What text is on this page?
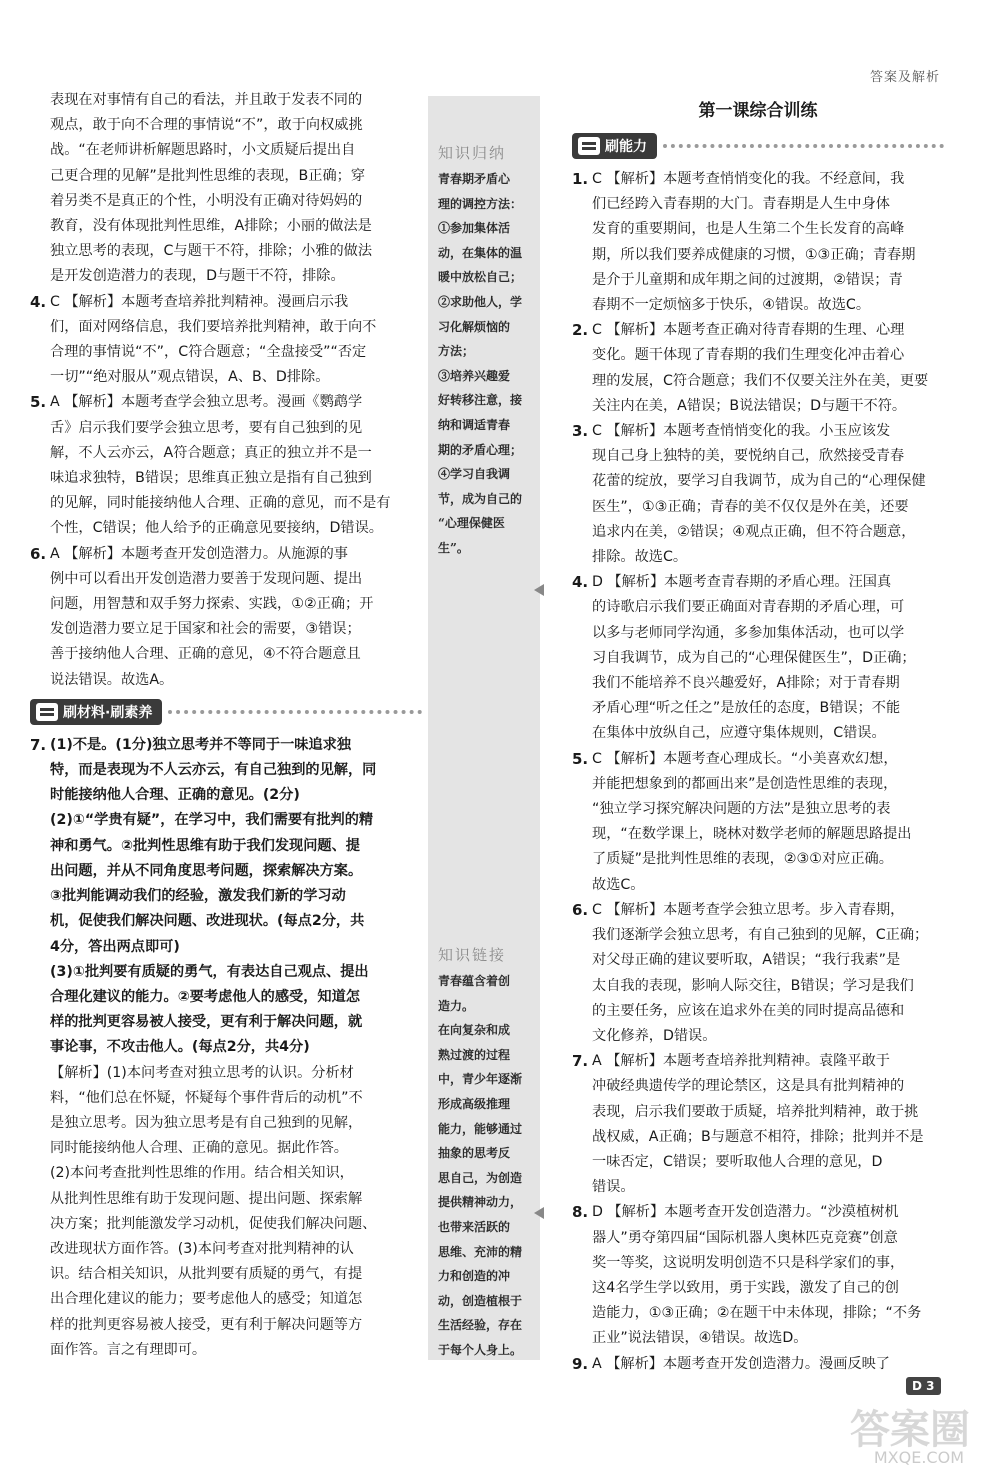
答案及解析
表现在对事情有自己的看法，并且敢于发表不同的
观点，敢于向不合理的事情说“不”，敢于向权威挑
战。“在老师讲析解题思路时，小文质疑后提出自
己更合理的见解”是批判性思维的表现，B正确；穿
着另类不是真正的个性，小明没有正确对待妈妈的
教育，没有体现批判性思维，A排除；小丽的做法是
独立思考的表现，C与题干不符，排除；小雅的做法
是开发创造潜力的表现，D与题干不符，排除。
4. C 【解析】本题考查培养批判精神。漫画启示我
们，面对网络信息，我们要培养批判精神，敢于向不
合理的事情说“不”，C符合题意；“全盘接受”“否定
一切”“绝对服从”观点错误，A、B、D排除。
5. A 【解析】本题考查学会独立思考。漫画《鹦鹉学
舌》启示我们要学会独立思考，要有自己独到的见
解，不人云亦云，A符合题意；真正的独立并不是一
味追求独特，B错误；思维真正独立是指有自己独到
的见解，同时能接纳他人合理、正确的意见，而不是有
个性，C错误；他人给予的正确意见要接纳，D错误。
6. A 【解析】本题考查开发创造潜力。从施源的事
例中可以看出开发创造潜力要善于发现问题、提出
问题，用智慧和双手努力探索、实践，①②正确；开
发创造潜力要立足于国家和社会的需要，③错误；
善于接纳他人合理、正确的意见，④不符合题意且
说法错误。故选A。
刷材料·刷素养
7. (1)不是。(1分)独立思考并不等同于一味追求独
特，而是表现为不人云亦云，有自己独到的见解，同
时能接纳他人合理、正确的意见。(2分)
(2)①“学贵有疑”，在学习中，我们需要有批判的精
神和勇气。②批判性思维有助于我们发现问题、提
出问题，并从不同角度思考问题，探索解决方案。
③批判能调动我们的经验，激发我们新的学习动
机，促使我们解决问题、改进现状。(每点2分，共
4分，答出两点即可)
(3)①批判要有质疑的勇气，有表达自己观点、提出
合理化建议的能力。②要考虑他人的感受，知道怎
样的批判更容易被人接受，更有利于解决问题，就
事论事，不攻击他人。(每点2分，共4分)
【解析】(1)本问考查对独立思考的认识。分析材
料，“他们总在怀疑，怀疑每个事件背后的动机”不
是独立思考。因为独立思考是有自己独到的见解，
同时能接纳他人合理、正确的意见。据此作答。
(2)本问考查批判性思维的作用。结合相关知识，
从批判性思维有助于发现问题、提出问题、探索解
决方案；批判能激发学习动机，促使我们解决问题、
改进现状方面作答。(3)本问考查对批判精神的认
识。结合相关知识，从批判要有质疑的勇气，有提
出合理化建议的能力；要考虑他人的感受；知道怎
样的批判更容易被人接受，更有利于解决问题等方
面作答。言之有理即可。
知识归纳
青春期矛盾心
理的调控方法：
①参加集体活
动，在集体的温
暖中放松自己；
②求助他人，学
习化解烦恼的
方法；
③培养兴趣爱
好转移注意，接
纳和调适青春
期的矛盾心理；
④学习自我调
节，成为自己的
“心理保健医
生”。
知识链接
青春蕴含着创
造力。
在向复杂和成
熟过渡的过程
中，青少年逐渐
形成高级推理
能力，能够通过
抽象的思考反
思自己，为创造
提供精神动力，
也带来活跃的
思维、充沛的精
力和创造的冲
动，创造植根于
生活经验，存在
于每个人身上。
第一课综合训练
刷能力
1. C 【解析】本题考查悄悄变化的我。不经意间，我
们已经跨入青春期的大门。青春期是人生中身体
发育的重要期间，也是人生第二个生长发育的高峰
期，所以我们要养成健康的习惯，①③正确；青春期
是介于儿童期和成年期之间的过渡期，②错误；青
春期不一定烦恼多于快乐，④错误。故选C。
2. C 【解析】本题考查正确对待青春期的生理、心理
变化。题干体现了青春期的我们生理变化冲击着心
理的发展，C符合题意；我们不仅要关注外在美，更要
关注内在美，A错误；B说法错误；D与题干不符。
3. C 【解析】本题考查悄悄变化的我。小玉应该发
现自己身上独特的美，要悦纳自己，欣然接受青春
花蕾的绽放，要学习自我调节，成为自己的“心理保健
医生”，①③正确；青春的美不仅仅是外在美，还要
追求内在美，②错误；④观点正确，但不符合题意，
排除。故选C。
4. D 【解析】本题考查青春期的矛盾心理。汪国真
的诗歌启示我们要正确面对青春期的矛盾心理，可
以多与老师同学沟通，多参加集体活动，也可以学
习自我调节，成为自己的“心理保健医生”，D正确；
我们不能培养不良兴趣爱好，A排除；对于青春期
矛盾心理“听之任之”是放任的态度，B错误；不能
在集体中放纵自己，应遵守集体规则，C错误。
5. C 【解析】本题考查心理成长。“小美喜欢幻想，
并能把想象到的都画出来”是创造性思维的表现，
“独立学习探究解决问题的方法”是独立思考的表
现，“在数学课上，晓林对数学老师的解题思路提出
了质疑”是批判性思维的表现，②③①对应正确。
故选C。
6. C 【解析】本题考查学会独立思考。步入青春期，
我们逐渐学会独立思考，有自己独到的见解，C正确；
对父母正确的建议要听取，A错误；“我行我素”是
太自我的表现，影响人际交往，B错误；学习是我们
的主要任务，应该在追求外在美的同时提高品德和
文化修养，D错误。
7. A 【解析】本题考查培养批判精神。袁隆平敢于
冲破经典遗传学的理论禁区，这是具有批判精神的
表现，启示我们要敢于质疑，培养批判精神，敢于挑
战权威，A正确；B与题意不相符，排除；批判并不是
一味否定，C错误；要听取他人合理的意见，D
错误。
8. D 【解析】本题考查开发创造潜力。“沙漠植树机
器人”勇夺第四届“国际机器人奥林匹克竞赛”创意
奖一等奖，这说明发明创造不只是科学家们的事，
这4名学生学以致用，勇于实践，激发了自己的创
造能力，①③正确；②在题干中未体现，排除；“不务
正业”说法错误，④错误。故选D。
9. A 【解析】本题考查开发创造潜力。漫画反映了
D 3
答案圈
MXQE.COM
